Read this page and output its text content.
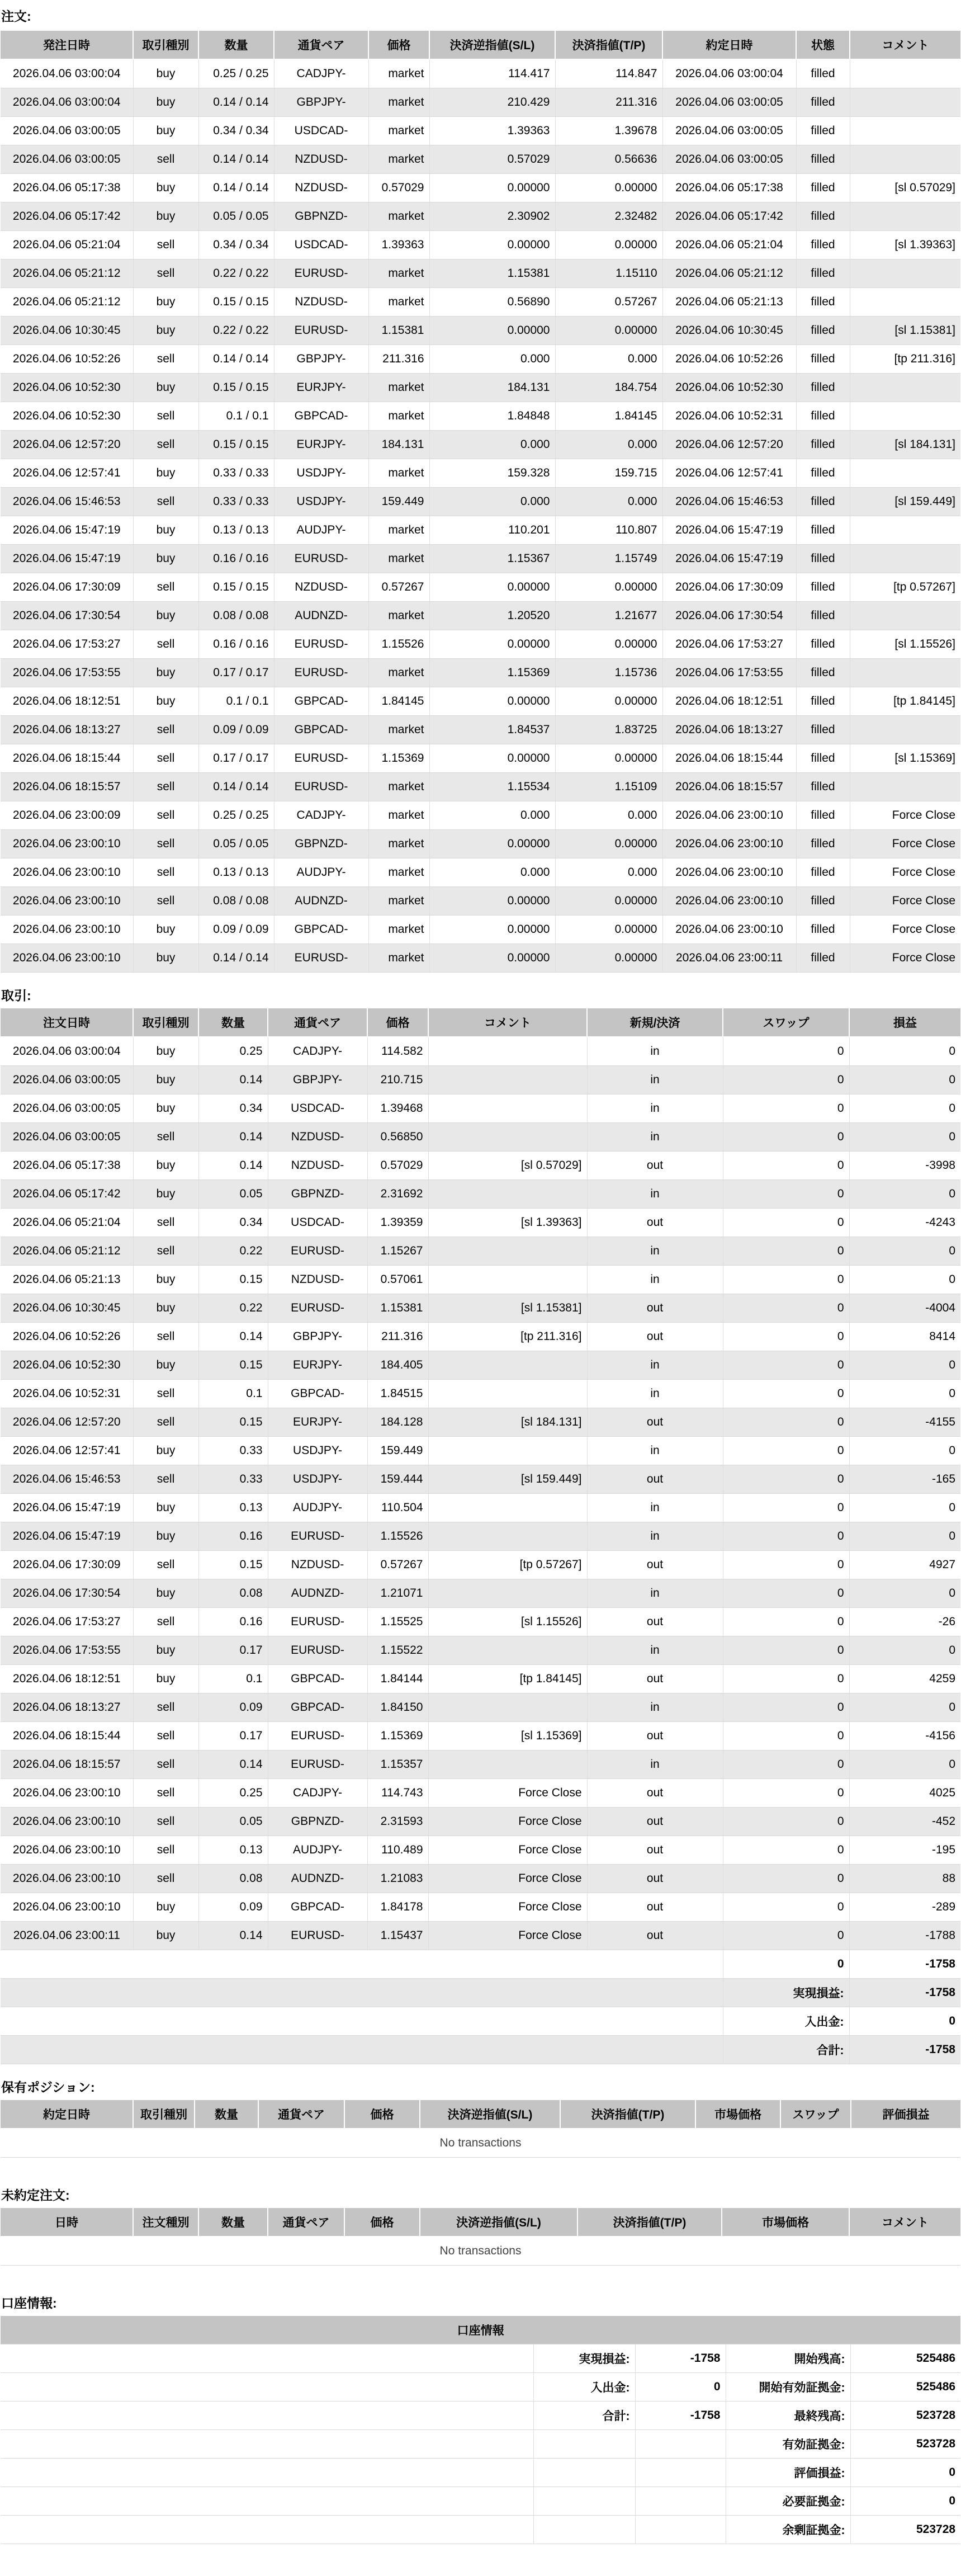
注文:
発注日時	取引種別	数量	通貨ペア	価格	決済逆指値(S/L)	決済指値(T/P)	約定日時	状態	コメント
2026.04.06 03:00:04	buy	0.25 / 0.25	CADJPY-	market	114.417	114.847	2026.04.06 03:00:04	filled	
2026.04.06 03:00:04	buy	0.14 / 0.14	GBPJPY-	market	210.429	211.316	2026.04.06 03:00:05	filled	
2026.04.06 03:00:05	buy	0.34 / 0.34	USDCAD-	market	1.39363	1.39678	2026.04.06 03:00:05	filled	
2026.04.06 03:00:05	sell	0.14 / 0.14	NZDUSD-	market	0.57029	0.56636	2026.04.06 03:00:05	filled	
2026.04.06 05:17:38	buy	0.14 / 0.14	NZDUSD-	0.57029	0.00000	0.00000	2026.04.06 05:17:38	filled	[sl 0.57029]
2026.04.06 05:17:42	buy	0.05 / 0.05	GBPNZD-	market	2.30902	2.32482	2026.04.06 05:17:42	filled	
2026.04.06 05:21:04	sell	0.34 / 0.34	USDCAD-	1.39363	0.00000	0.00000	2026.04.06 05:21:04	filled	[sl 1.39363]
2026.04.06 05:21:12	sell	0.22 / 0.22	EURUSD-	market	1.15381	1.15110	2026.04.06 05:21:12	filled	
2026.04.06 05:21:12	buy	0.15 / 0.15	NZDUSD-	market	0.56890	0.57267	2026.04.06 05:21:13	filled	
2026.04.06 10:30:45	buy	0.22 / 0.22	EURUSD-	1.15381	0.00000	0.00000	2026.04.06 10:30:45	filled	[sl 1.15381]
2026.04.06 10:52:26	sell	0.14 / 0.14	GBPJPY-	211.316	0.000	0.000	2026.04.06 10:52:26	filled	[tp 211.316]
2026.04.06 10:52:30	buy	0.15 / 0.15	EURJPY-	market	184.131	184.754	2026.04.06 10:52:30	filled	
2026.04.06 10:52:30	sell	0.1 / 0.1	GBPCAD-	market	1.84848	1.84145	2026.04.06 10:52:31	filled	
2026.04.06 12:57:20	sell	0.15 / 0.15	EURJPY-	184.131	0.000	0.000	2026.04.06 12:57:20	filled	[sl 184.131]
2026.04.06 12:57:41	buy	0.33 / 0.33	USDJPY-	market	159.328	159.715	2026.04.06 12:57:41	filled	
2026.04.06 15:46:53	sell	0.33 / 0.33	USDJPY-	159.449	0.000	0.000	2026.04.06 15:46:53	filled	[sl 159.449]
2026.04.06 15:47:19	buy	0.13 / 0.13	AUDJPY-	market	110.201	110.807	2026.04.06 15:47:19	filled	
2026.04.06 15:47:19	buy	0.16 / 0.16	EURUSD-	market	1.15367	1.15749	2026.04.06 15:47:19	filled	
2026.04.06 17:30:09	sell	0.15 / 0.15	NZDUSD-	0.57267	0.00000	0.00000	2026.04.06 17:30:09	filled	[tp 0.57267]
2026.04.06 17:30:54	buy	0.08 / 0.08	AUDNZD-	market	1.20520	1.21677	2026.04.06 17:30:54	filled	
2026.04.06 17:53:27	sell	0.16 / 0.16	EURUSD-	1.15526	0.00000	0.00000	2026.04.06 17:53:27	filled	[sl 1.15526]
2026.04.06 17:53:55	buy	0.17 / 0.17	EURUSD-	market	1.15369	1.15736	2026.04.06 17:53:55	filled	
2026.04.06 18:12:51	buy	0.1 / 0.1	GBPCAD-	1.84145	0.00000	0.00000	2026.04.06 18:12:51	filled	[tp 1.84145]
2026.04.06 18:13:27	sell	0.09 / 0.09	GBPCAD-	market	1.84537	1.83725	2026.04.06 18:13:27	filled	
2026.04.06 18:15:44	sell	0.17 / 0.17	EURUSD-	1.15369	0.00000	0.00000	2026.04.06 18:15:44	filled	[sl 1.15369]
2026.04.06 18:15:57	sell	0.14 / 0.14	EURUSD-	market	1.15534	1.15109	2026.04.06 18:15:57	filled	
2026.04.06 23:00:09	sell	0.25 / 0.25	CADJPY-	market	0.000	0.000	2026.04.06 23:00:10	filled	Force Close
2026.04.06 23:00:10	sell	0.05 / 0.05	GBPNZD-	market	0.00000	0.00000	2026.04.06 23:00:10	filled	Force Close
2026.04.06 23:00:10	sell	0.13 / 0.13	AUDJPY-	market	0.000	0.000	2026.04.06 23:00:10	filled	Force Close
2026.04.06 23:00:10	sell	0.08 / 0.08	AUDNZD-	market	0.00000	0.00000	2026.04.06 23:00:10	filled	Force Close
2026.04.06 23:00:10	buy	0.09 / 0.09	GBPCAD-	market	0.00000	0.00000	2026.04.06 23:00:10	filled	Force Close
2026.04.06 23:00:10	buy	0.14 / 0.14	EURUSD-	market	0.00000	0.00000	2026.04.06 23:00:11	filled	Force Close
取引:
注文日時	取引種別	数量	通貨ペア	価格	コメント	新規/決済	スワップ	損益
2026.04.06 03:00:04	buy	0.25	CADJPY-	114.582		in	0	0
2026.04.06 03:00:05	buy	0.14	GBPJPY-	210.715		in	0	0
2026.04.06 03:00:05	buy	0.34	USDCAD-	1.39468		in	0	0
2026.04.06 03:00:05	sell	0.14	NZDUSD-	0.56850		in	0	0
2026.04.06 05:17:38	buy	0.14	NZDUSD-	0.57029	[sl 0.57029]	out	0	-3998
2026.04.06 05:17:42	buy	0.05	GBPNZD-	2.31692		in	0	0
2026.04.06 05:21:04	sell	0.34	USDCAD-	1.39359	[sl 1.39363]	out	0	-4243
2026.04.06 05:21:12	sell	0.22	EURUSD-	1.15267		in	0	0
2026.04.06 05:21:13	buy	0.15	NZDUSD-	0.57061		in	0	0
2026.04.06 10:30:45	buy	0.22	EURUSD-	1.15381	[sl 1.15381]	out	0	-4004
2026.04.06 10:52:26	sell	0.14	GBPJPY-	211.316	[tp 211.316]	out	0	8414
2026.04.06 10:52:30	buy	0.15	EURJPY-	184.405		in	0	0
2026.04.06 10:52:31	sell	0.1	GBPCAD-	1.84515		in	0	0
2026.04.06 12:57:20	sell	0.15	EURJPY-	184.128	[sl 184.131]	out	0	-4155
2026.04.06 12:57:41	buy	0.33	USDJPY-	159.449		in	0	0
2026.04.06 15:46:53	sell	0.33	USDJPY-	159.444	[sl 159.449]	out	0	-165
2026.04.06 15:47:19	buy	0.13	AUDJPY-	110.504		in	0	0
2026.04.06 15:47:19	buy	0.16	EURUSD-	1.15526		in	0	0
2026.04.06 17:30:09	sell	0.15	NZDUSD-	0.57267	[tp 0.57267]	out	0	4927
2026.04.06 17:30:54	buy	0.08	AUDNZD-	1.21071		in	0	0
2026.04.06 17:53:27	sell	0.16	EURUSD-	1.15525	[sl 1.15526]	out	0	-26
2026.04.06 17:53:55	buy	0.17	EURUSD-	1.15522		in	0	0
2026.04.06 18:12:51	buy	0.1	GBPCAD-	1.84144	[tp 1.84145]	out	0	4259
2026.04.06 18:13:27	sell	0.09	GBPCAD-	1.84150		in	0	0
2026.04.06 18:15:44	sell	0.17	EURUSD-	1.15369	[sl 1.15369]	out	0	-4156
2026.04.06 18:15:57	sell	0.14	EURUSD-	1.15357		in	0	0
2026.04.06 23:00:10	sell	0.25	CADJPY-	114.743	Force Close	out	0	4025
2026.04.06 23:00:10	sell	0.05	GBPNZD-	2.31593	Force Close	out	0	-452
2026.04.06 23:00:10	sell	0.13	AUDJPY-	110.489	Force Close	out	0	-195
2026.04.06 23:00:10	sell	0.08	AUDNZD-	1.21083	Force Close	out	0	88
2026.04.06 23:00:10	buy	0.09	GBPCAD-	1.84178	Force Close	out	0	-289
2026.04.06 23:00:11	buy	0.14	EURUSD-	1.15437	Force Close	out	0	-1788
							0	-1758
							実現損益:	-1758
							入出金:	0
							合計:	-1758
保有ポジション:
約定日時	取引種別	数量	通貨ペア	価格	決済逆指値(S/L)	決済指値(T/P)	市場価格	スワップ	評価損益
No transactions
未約定注文:
日時	注文種別	数量	通貨ペア	価格	決済逆指値(S/L)	決済指値(T/P)	市場価格	コメント
No transactions
口座情報:
口座情報				
	実現損益:	-1758	開始残高:	525486
	入出金:	0	開始有効証拠金:	525486
	合計:	-1758	最終残高:	523728
			有効証拠金:	523728
			評価損益:	0
			必要証拠金:	0
			余剰証拠金:	523728
